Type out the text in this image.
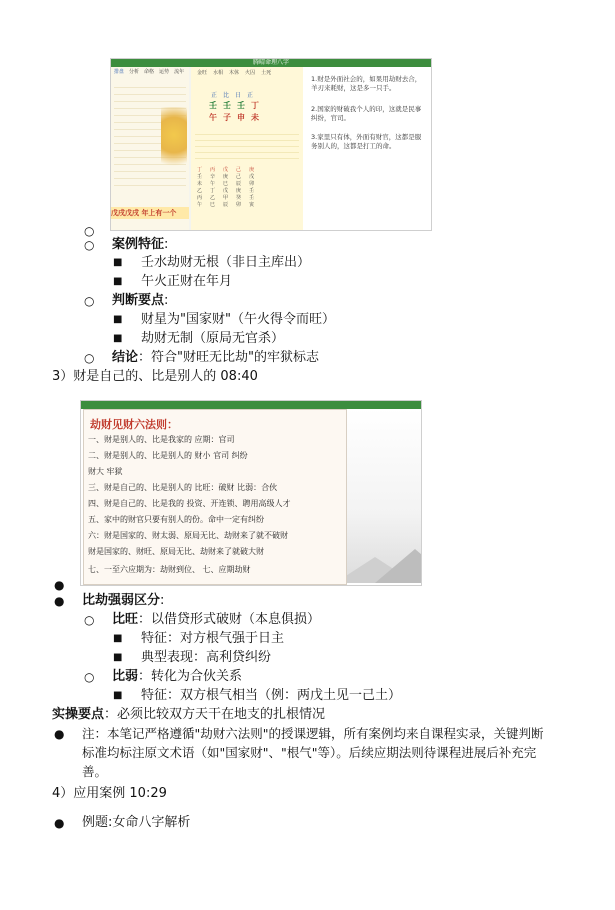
腾晴命理八字
排盘 分析 命格 运势 流年
戊戌戊戌 年上有一个
金旺 水相 木休 火囚 土死
正比日正
壬壬壬丁
午子申未
丁丙戊己庚
壬辛庚己戊
未午巳辰卯
乙丁戊庚壬
丙乙甲癸壬
午巳辰卯寅
1.财是外面社会的，如果用劫财去合，羊刃来耗财，这是多一只手。
2.国家的财破我个人的印，这就是民事纠纷，官司。
3.家里只有体，外面有财官，这都是服务别人的，这都是打工的命。
○
○ 案例特征:
■ 壬水劫财无根（非日主库出）
■ 午火正财在年月
○ 判断要点:
■ 财星为"国家财"（午火得令而旺）
■ 劫财无制（原局无官杀）
○ 结论：符合"财旺无比劫"的牢狱标志
3）财是自己的、比是别人的 08:40
劫财见财六法则：
一、财是别人的、比是我家的 应期：官司
二、财是别人的、比是别人的 财小 官司 纠纷
财大 牢狱
三、财是自己的、比是别人的 比旺：破财 比弱：合伙
四、财是自己的、比是我的 投资、开连锁、聘用高级人才
五、家中的财官只要有别人的份。命中一定有纠纷
六：财是国家的、财太弱、原局无比、劫财来了就不破财
财是国家的、财旺、原局无比、劫财来了就破大财
七、一至六应期为：劫财到位、 七、应期劫财
●
● 比劫强弱区分:
○ 比旺：以借贷形式破财（本息俱损）
■ 特征：对方根气强于日主
■ 典型表现：高利贷纠纷
○ 比弱：转化为合伙关系
■ 特征：双方根气相当（例：两戊土见一己土）
实操要点：必须比较双方天干在地支的扎根情况
● 注：本笔记严格遵循"劫财六法则"的授课逻辑，所有案例均来自课程实录，关键判断
标准均标注原文术语（如"国家财"、"根气"等）。后续应期法则待课程进展后补充完
善。
4）应用案例 10:29
● 例题:女命八字解析
